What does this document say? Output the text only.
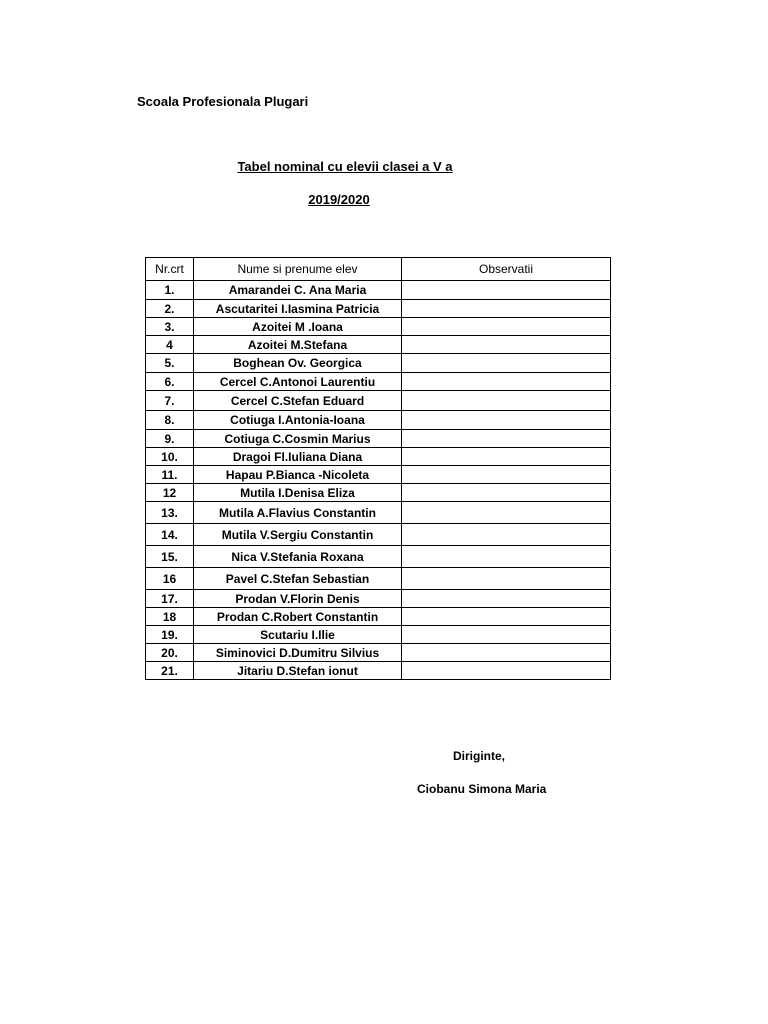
Scoala Profesionala Plugari
Tabel nominal cu elevii clasei a V a
2019/2020
Nr.crt	Nume si prenume elev	Observatii
1.	Amarandei C. Ana Maria	
2.	Ascutaritei I.Iasmina Patricia	
3.	Azoitei M .Ioana	
4	Azoitei M.Stefana	
5.	Boghean Ov. Georgica	
6.	Cercel C.Antonoi Laurentiu	
7.	Cercel C.Stefan Eduard	
8.	Cotiuga I.Antonia-Ioana	
9.	Cotiuga C.Cosmin Marius	
10.	Dragoi Fl.Iuliana Diana	
11.	Hapau P.Bianca -Nicoleta	
12	Mutila I.Denisa Eliza	
13.	Mutila A.Flavius Constantin	
14.	Mutila V.Sergiu Constantin	
15.	Nica V.Stefania Roxana	
16	Pavel C.Stefan Sebastian	
17.	Prodan V.Florin Denis	
18	Prodan C.Robert Constantin	
19.	Scutariu I.Ilie	
20.	Siminovici D.Dumitru Silvius	
21.	Jitariu D.Stefan ionut	
Diriginte,
Ciobanu Simona Maria
